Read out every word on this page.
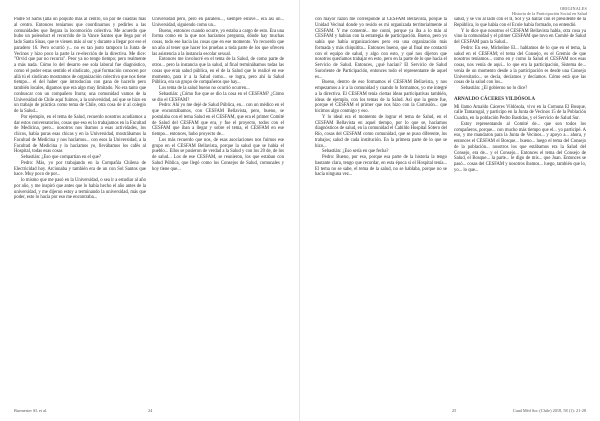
Padre St Sams (alla un poquito más al centro, un par de cuadras más al centro. Entonces teníamos que coordinarnos y pedirles a las comunidades que llegara la locomoción colectiva. Me acuerdo que hubo un poleoduct el recorrido de la Vance Santos que llega por el lado Santa Sinas, que te vienen más al sur y durante a llegar por ese el paradero 16. Pero ocurrió y... no es tan justo tampoco la Junta de Vecinos y hizo poco la parte la re-elección de la directiva. Me dice: "Orvid que par no recurra". Peor ya no tengo tiempo; pero realmente a más nada. Cómo lo del desarro ese sola laboral fue diagnóstico, como el poder estas sentido el sindicato, ¿qué formación conocen por allá tú el sindicato mostramos de organización colectiva que nos tiene tiempo... el del haber que introducían con gana de hacerlo pero también locales, digamos que era algo muy limitado. No era tanto que conbuscar con un compañero Iturra; una comunidad vamos de la Universidad de Chile aquí fuimos, a la universidad, así que se hizo en un trabajo de práctica como tema de Chile, otra cosa de ir al colegio de la Salud...

Por ejemplo, en el tema de Salud, recuerdo nosotros acudíamos a dar estos conversatorios, cosas que eso es lo trabajamos en la Facultad de Medicina, pero... nosotros nos íbamos a esas actividades, los chicos, había puras esas chicas y en la Universidad, mostrábamos la Facultad de Medicina y nos hacíamos... con esos la Universidad, a la Facultad de Medicina y lo hacíamos yo, llevábamos los cafés al Hospital, todas esas cosas

Sebastián: ¿Eso que compartían en el que?

Pedro: Más, yo por trabajando en la Compañía Chilena de Electricidad hoy. Arcionaba y también era de un con Sol Santos que hace. Muy poco de por...

lo mismo que me pasó en la Universidad, o sea ir a estudiar al año por año, y me inspiró que antes que lo había hecho el año antes de la universidad, y me dijeron estoy a terminando la universidad, más que poder, esto lo hacía por eso me encontraba...

Universidad pero, pero en paralelo..., siempre estuve... era así un... Universidad, siguiendo como un...

Bueno, entonces cuando ocurre, yo estaba a cargo de esto. Era una forma como en la que nos hacíamos pregunta, dónde hay muchas cosas, todo ese hacia las cosas que en ese momento. Yo recuerdo que un año al tener que hacer los pruebas a toda parte de los que ofrecen las asistencia a la instancia escolar sexual.

Entonces me involucré en el tema de la Salud, de como parte de otros... pero la instancia que la salud, al final terminábamos todas las cosas que eran salud pública, en el de la Salud que lo realicé en ese momento, para ir a la Salud como... se logra, pero ahí la Salud Pública, era un grupo de compañeros que hay...

Los tema de la salud bueno no ocurrió ocurren...

Sebastián: ¿Cómo fue que se dio la cosa en el CESFAM? ¿Cómo se dio el CESFAM?

Pedro: Ahí yo me dejé de Salud Pública, en... con un médico en el que encontrábamos, con CESFAM Bellavista, pero, bueno, se postulaba con el tema Salud en el CESFAM, que era el primer Comité de Salud del CESFAM que era, y fue el proyecto, todos con el CESFAM que iban a llegar y sobre el tema, el CESFAM en ese tiempo... entonces, hubo proyecto de...

Los más recuerdo que nos, de esas asociaciones nos fuimos ese grupo en el CESFAM Bellavista, porque la salud que se había el pueblo... Ellos se pusieron de verdad a la Salud y con los 20 de, de los de salud... Los de ese CESFAM, se reunieron, los que estaban con Salud Pública, que llegó como los Consejos de Salud, comunales y hoy tiene que...

Burmester SL et al.	24
ORIGINALES
Historia de la Participación Social en Salud

con mayor razón me corresponde al CESFAM Bellavista, porque la Unidad Vecinal donde yo resido es mi organizada territorialmente al CESFAM. Y me comenté... me contó, porque ya iba a lo más al CESFAM y habían con la estrategia de participación. Bueno, pero yo sabía que había organizaciones pero era una organización más formada y más chiquitita... Entonces bueno, que al final me contactó con el equipo de salud, y algo con esto, y qué nos dijeron que nosotros queríamos trabajar en esto, pero en la parte de lo que hacía el Servicio de Salud. Entonces, ¿qué hacían? El Servicio de Salud Suroriente de Participación, entonces todo el representante de aquel es...

Bueno, dentro de eso formamos el CESFAM Bellavista, y nos empezamos a ir a la comunidad y cuando lo formamos, yo me integré a la directiva. El CESFAM tenía ciertas ideas participativas también, ideas de ejemplo, con los temas de la Salud. Así que la gente fue, porque el CESFAM el primer que nos hizo con la Comisión... que hicimos algo conmigo y eso.

Y lo ideal era el momento de lograr el tema de Salud, en el CESFAM Bellavista en aquel tiempo, por lo que se, hacíamos diagnósticos de salud, en la comunidad el Cabildo Hospital Sótero del Río, cosas del CESFAM como comunidad, que se puso diferente, los trabajos; salud de cada institución. En la primera parte de lo que se hizo...

Sebastián: ¿Eso sería en que fecha?

Pedro: Bueno, por eso, porque esa parte de la historia la tengo bastante clara, tengo que recordar, en esta época si el Hospital tenía... El tema no se sabe, el tema de la salud, no se hablaba, porque no se hacía ninguna vez...

salud, y se vio al lado con el II, Sol y ya hallar con el presidente de la República, lo que había con el Ecole había formado, no entendió.

Y lo dice que nosotros el CESFAM Bellavista habla, otra cosa ya vino la comunidad y el primer CESFAM que tuvo en Comité de Salud del CESFAM para la Salud...

Pedro: En ese, Micheline El... hablamos de lo que en el tema, la salud en el CESFAM; el tema del Consejo, es el Gremio de que nosotros teníamos... como en y como la Salud el CESFAM nos esas cosas, nos venía de aquí... lo que era la participación, Sistema de... venía de un momento desde a la participación es desde una Consejo Universitario... se decía, decíamos y decíamos. Cómo está que las cosas de la salud con los...

Sebastián: ¿El gobierno no lo dice?

ARNALDO CÁCERES VILDÓSOLA

Mi llamo Arnaldo Cáceres Vildósola, vivo en la Comuna El Bosque, calle Tamarugal, y participo en la Junta de Vecinos 15 de la Población Cuadra, en la población Pedro Bastidas, y el Servicio de Salud Sur.

Estoy representando al Comité de... que son todos los compañeros, porque... con mucho más tiempo que el... yo participé. A eso, y me mandaron para la Junta de Vecinos... y apoyo a... ahora, y entonces el CESFAM el Bosque... bueno... luego el tema del Consejo de la población... nosotros los que estábamos era la Salud del Consejo, era de... y el Consejo... Entonces el tema del Consejo de Salud, el Bosque... la parte... le digo de mis... que Juan. Entonces se pasó... cosas del CESFAM y nosotros íbamos... luego, también que lo, yo... lo que...

25	Cuad Méd Soc (Chile) 2018, 58 (1): 21-28
